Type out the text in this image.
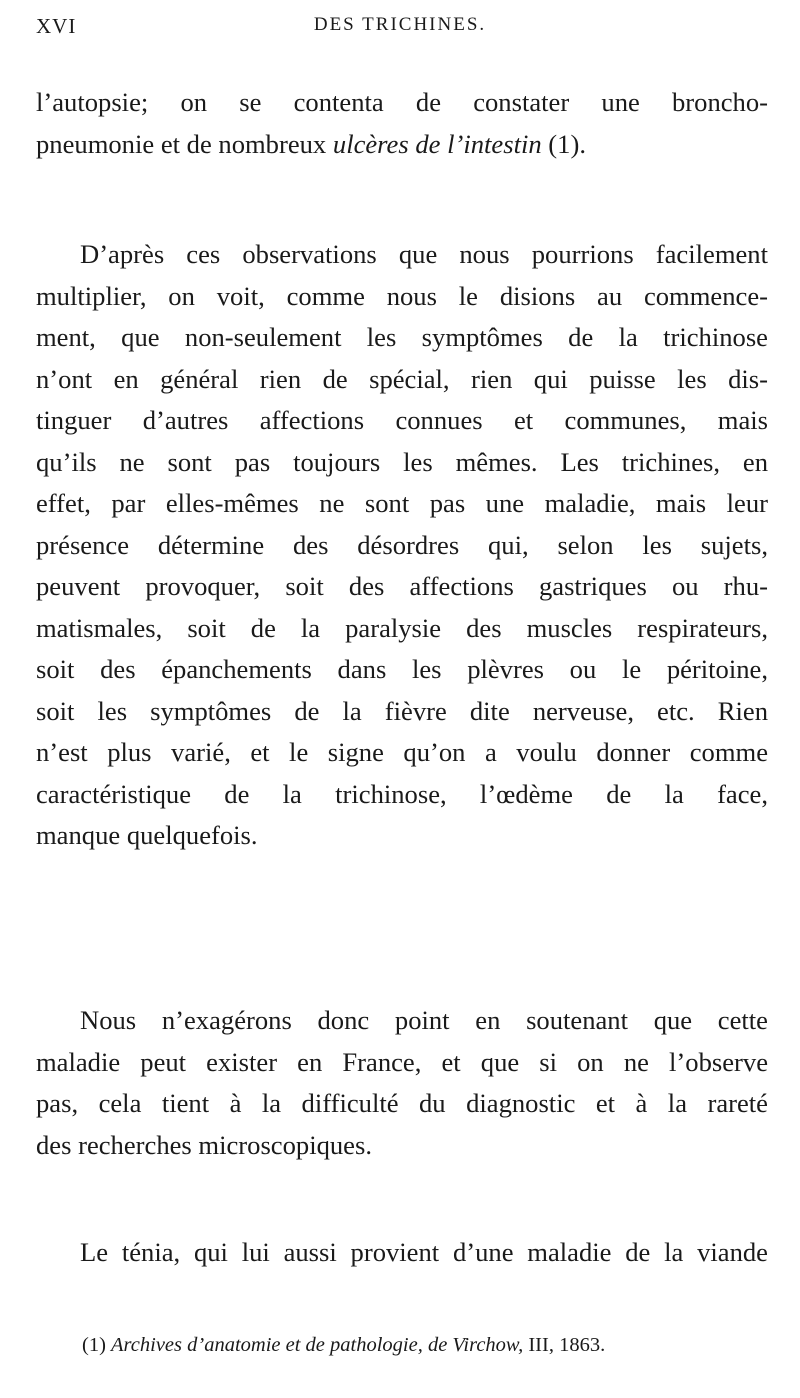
XVI	DES TRICHINES.

l’autopsie; on se contenta de constater une broncho-
pneumonie et de nombreux ulcères de l’intestin (1).

D’après ces observations que nous pourrions facilement
multiplier, on voit, comme nous le disions au commence-
ment, que non-seulement les symptômes de la trichinose
n’ont en général rien de spécial, rien qui puisse les dis-
tinguer d’autres affections connues et communes, mais
qu’ils ne sont pas toujours les mêmes. Les trichines, en
effet, par elles-mêmes ne sont pas une maladie, mais leur
présence détermine des désordres qui, selon les sujets,
peuvent provoquer, soit des affections gastriques ou rhu-
matismales, soit de la paralysie des muscles respirateurs,
soit des épanchements dans les plèvres ou le péritoine,
soit les symptômes de la fièvre dite nerveuse, etc. Rien
n’est plus varié, et le signe qu’on a voulu donner comme
caractéristique de la trichinose, l’œdème de la face,
manque quelquefois.

Nous n’exagérons donc point en soutenant que cette
maladie peut exister en France, et que si on ne l’observe
pas, cela tient à la difficulté du diagnostic et à la rareté
des recherches microscopiques.

Le ténia, qui lui aussi provient d’une maladie de la viande

(1) Archives d’anatomie et de pathologie, de Virchow, III, 1863.
